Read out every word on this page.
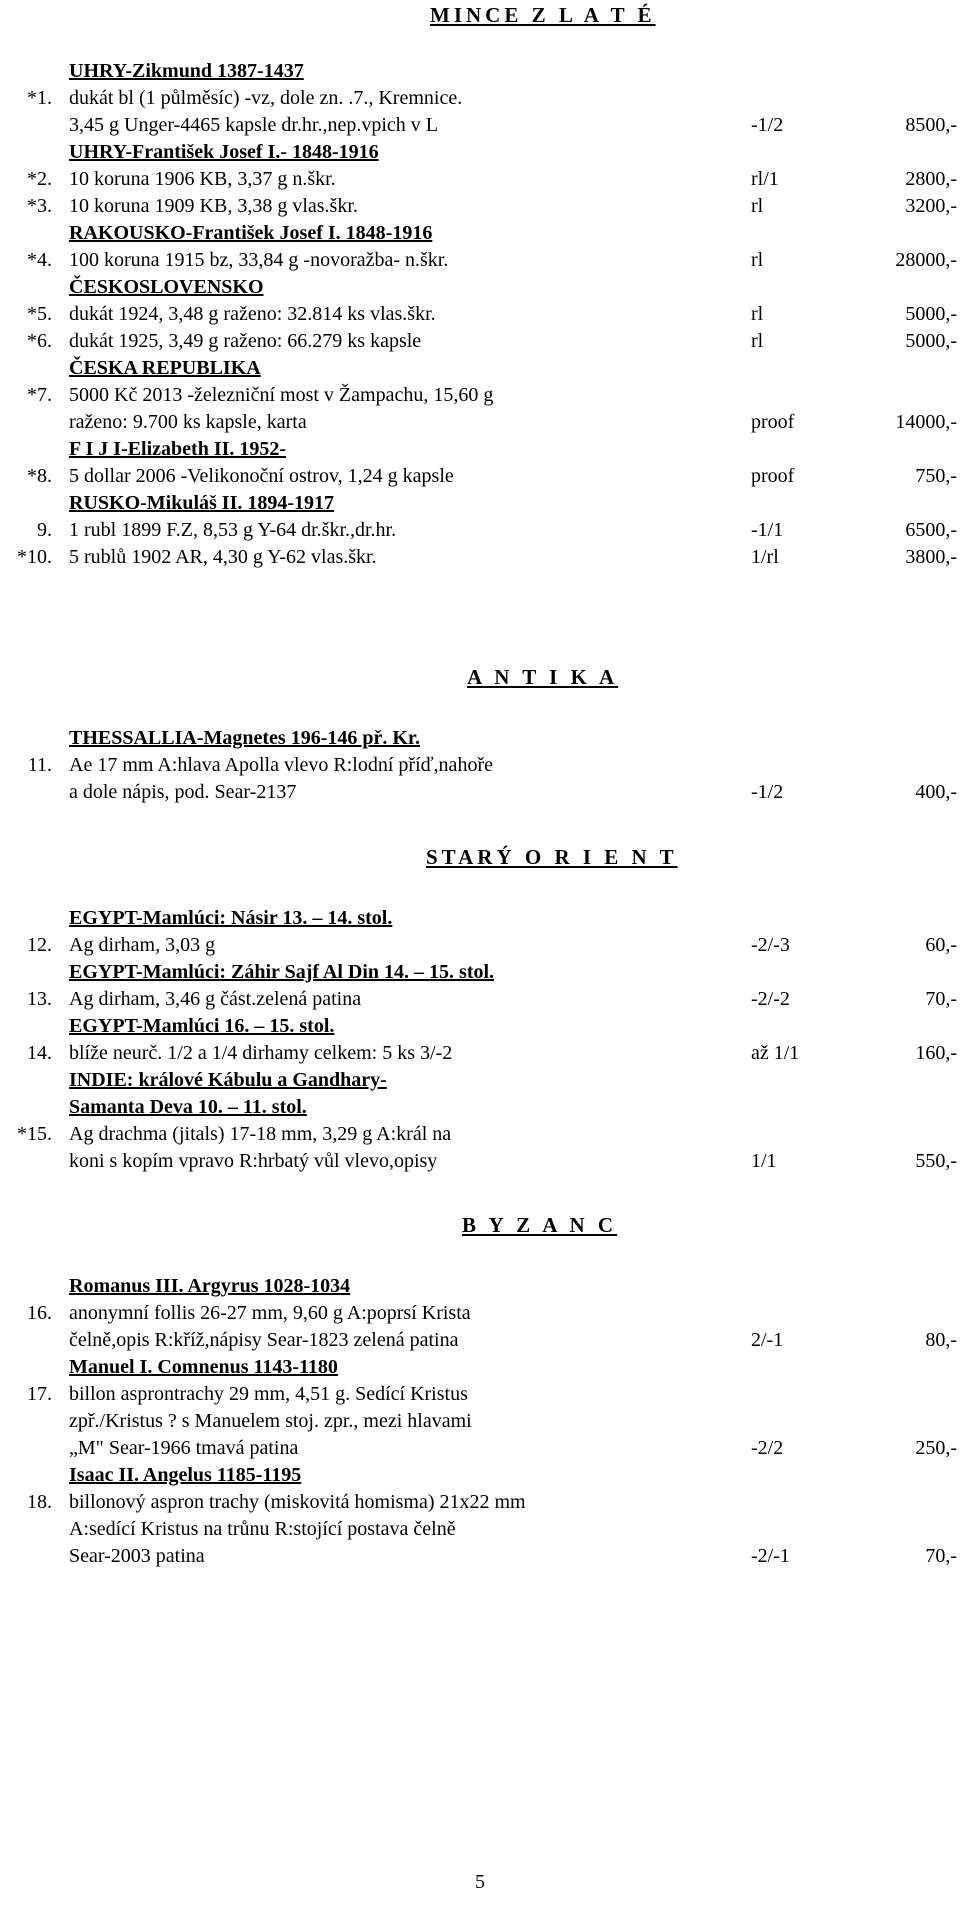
MINCE Z L A T É
UHRY-Zikmund 1387-1437
*1. dukát bl (1 půlměsíc) -vz, dole zn. .7., Kremnice.
3,45 g Unger-4465 kapsle dr.hr.,nep.vpich v L	-1/2	8500,-
UHRY-František Josef I.- 1848-1916
*2. 10 koruna 1906 KB, 3,37 g n.škr.	rl/1	2800,-
*3. 10 koruna 1909 KB, 3,38 g vlas.škr.	rl	3200,-
RAKOUSKO-František Josef I. 1848-1916
*4. 100 koruna 1915 bz, 33,84 g -novoražba- n.škr.	rl	28000,-
ČESKOSLOVENSKO
*5. dukát 1924, 3,48 g raženo: 32.814 ks vlas.škr.	rl	5000,-
*6. dukát 1925, 3,49 g raženo: 66.279 ks kapsle	rl	5000,-
ČESKA REPUBLIKA
*7. 5000 Kč 2013 -železniční most v Žampachu, 15,60 g
raženo: 9.700 ks kapsle, karta	proof	14000,-
F I J I-Elizabeth II. 1952-
*8. 5 dollar 2006 -Velikonoční ostrov, 1,24 g kapsle	proof	750,-
RUSKO-Mikuláš II. 1894-1917
9. 1 rubl 1899 F.Z, 8,53 g Y-64 dr.škr.,dr.hr.	-1/1	6500,-
*10. 5 rublů 1902 AR, 4,30 g Y-62 vlas.škr.	1/rl	3800,-
A N T I K A
THESSALLIA-Magnetes 196-146 př. Kr.
11. Ae 17 mm A:hlava Apolla vlevo R:lodní příď,nahoře
a dole nápis, pod. Sear-2137	-1/2	400,-
STARÝ O R I E N T
EGYPT-Mamlúci: Násir 13. – 14. stol.
12. Ag dirham, 3,03 g	-2/-3	60,-
EGYPT-Mamlúci: Záhir Sajf Al Din 14. – 15. stol.
13. Ag dirham, 3,46 g část.zelená patina	-2/-2	70,-
EGYPT-Mamlúci 16. – 15. stol.
14. blíže neurč. 1/2 a 1/4 dirhamy celkem: 5 ks 3/-2	až 1/1	160,-
INDIE: králové Kábulu a Gandhary-
Samanta Deva 10. – 11. stol.
*15. Ag drachma (jitals) 17-18 mm, 3,29 g A:král na
koni s kopím vpravo R:hrbatý vůl vlevo,opisy	1/1	550,-
B Y Z A N C
Romanus III. Argyrus 1028-1034
16. anonymní follis 26-27 mm, 9,60 g A:poprsí Krista
čelně,opis R:kříž,nápisy Sear-1823 zelená patina	2/-1	80,-
Manuel I. Comnenus 1143-1180
17. billon asprontrachy 29 mm, 4,51 g. Sedící Kristus
zpř./Kristus ? s Manuelem stoj. zpr., mezi hlavami
„M" Sear-1966 tmavá patina	-2/2	250,-
Isaac II. Angelus 1185-1195
18. billonový aspron trachy (miskovitá homisma) 21x22 mm
A:sedící Kristus na trůnu R:stojící postava čelně
Sear-2003 patina	-2/-1	70,-
5
